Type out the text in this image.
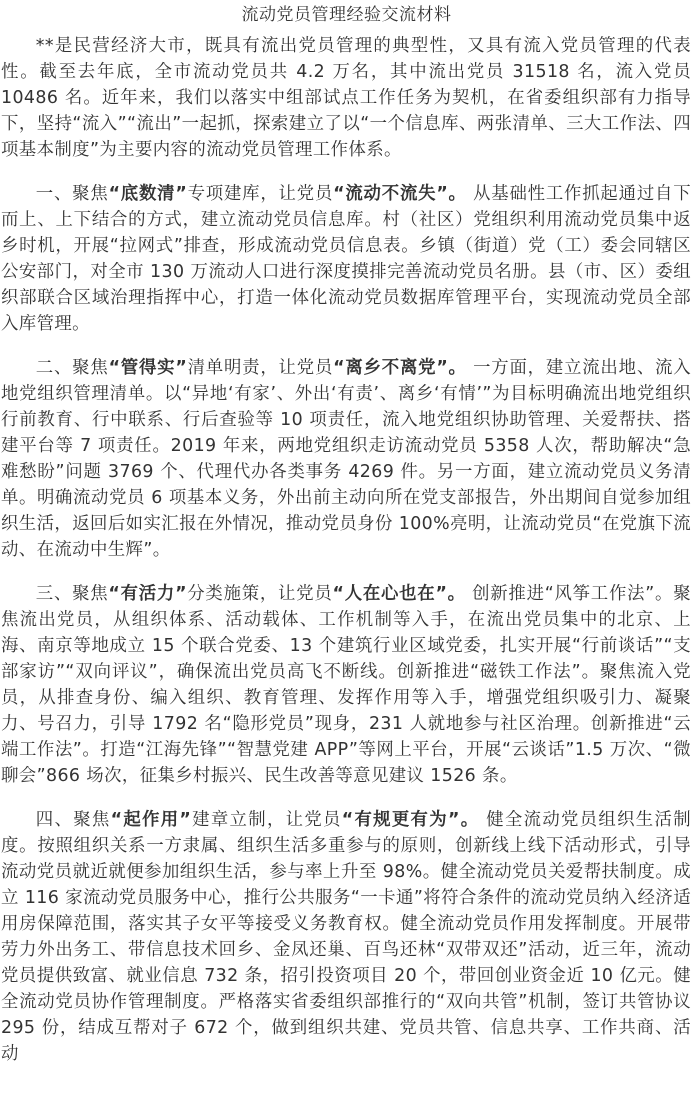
流动党员管理经验交流材料

**是民营经济大市，既具有流出党员管理的典型性，又具有流入党员管理的代表性。截至去年底，全市流动党员共 4.2 万名，其中流出党员 31518 名，流入党员 10486 名。近年来，我们以落实中组部试点工作任务为契机，在省委组织部有力指导下，坚持“流入”“流出”一起抓，探索建立了以“一个信息库、两张清单、三大工作法、四项基本制度”为主要内容的流动党员管理工作体系。

一、聚焦“底数清”专项建库，让党员“流动不流失”。 从基础性工作抓起通过自下而上、上下结合的方式，建立流动党员信息库。村（社区）党组织利用流动党员集中返乡时机，开展“拉网式”排查，形成流动党员信息表。乡镇（街道）党（工）委会同辖区公安部门，对全市 130 万流动人口进行深度摸排完善流动党员名册。县（市、区）委组织部联合区域治理指挥中心，打造一体化流动党员数据库管理平台，实现流动党员全部入库管理。

二、聚焦“管得实”清单明责，让党员“离乡不离党”。 一方面，建立流出地、流入地党组织管理清单。以“异地‘有家’、外出‘有责’、离乡‘有情’”为目标明确流出地党组织行前教育、行中联系、行后查验等 10 项责任，流入地党组织协助管理、关爱帮扶、搭建平台等 7 项责任。2019 年来，两地党组织走访流动党员 5358 人次，帮助解决“急难愁盼”问题 3769 个、代理代办各类事务 4269 件。另一方面，建立流动党员义务清单。明确流动党员 6 项基本义务，外出前主动向所在党支部报告，外出期间自觉参加组织生活，返回后如实汇报在外情况，推动党员身份 100%亮明，让流动党员“在党旗下流动、在流动中生辉”。

三、聚焦“有活力”分类施策，让党员“人在心也在”。 创新推进“风筝工作法”。聚焦流出党员，从组织体系、活动载体、工作机制等入手，在流出党员集中的北京、上海、南京等地成立 15 个联合党委、13 个建筑行业区域党委，扎实开展“行前谈话”“支部家访”“双向评议”，确保流出党员高飞不断线。创新推进“磁铁工作法”。聚焦流入党员，从排查身份、编入组织、教育管理、发挥作用等入手，增强党组织吸引力、凝聚力、号召力，引导 1792 名“隐形党员”现身，231 人就地参与社区治理。创新推进“云端工作法”。打造“江海先锋”“智慧党建 APP”等网上平台，开展“云谈话”1.5 万次、“微聊会”866 场次，征集乡村振兴、民生改善等意见建议 1526 条。

四、聚焦“起作用”建章立制，让党员“有规更有为”。 健全流动党员组织生活制度。按照组织关系一方隶属、组织生活多重参与的原则，创新线上线下活动形式，引导流动党员就近就便参加组织生活，参与率上升至 98%。健全流动党员关爱帮扶制度。成立 116 家流动党员服务中心，推行公共服务“一卡通”将符合条件的流动党员纳入经济适用房保障范围，落实其子女平等接受义务教育权。健全流动党员作用发挥制度。开展带劳力外出务工、带信息技术回乡、金凤还巢、百鸟还林“双带双还”活动，近三年，流动党员提供致富、就业信息 732 条，招引投资项目 20 个，带回创业资金近 10 亿元。健全流动党员协作管理制度。严格落实省委组织部推行的“双向共管”机制，签订共管协议 295 份，结成互帮对子 672 个，做到组织共建、党员共管、信息共享、工作共商、活动
